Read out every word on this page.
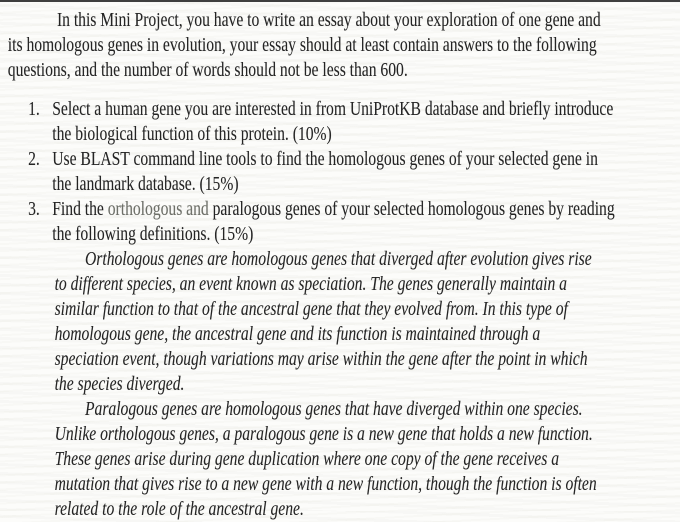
In this Mini Project, you have to write an essay about your exploration of one gene and
its homologous genes in evolution, your essay should at least contain answers to the following
questions, and the number of words should not be less than 600.
1. Select a human gene you are interested in from UniProtKB database and briefly introduce
the biological function of this protein. (10%)
2. Use BLAST command line tools to find the homologous genes of your selected gene in
the landmark database. (15%)
3. Find the orthologous and paralogous genes of your selected homologous genes by reading
the following definitions. (15%)
Orthologous genes are homologous genes that diverged after evolution gives rise
to different species, an event known as speciation. The genes generally maintain a
similar function to that of the ancestral gene that they evolved from. In this type of
homologous gene, the ancestral gene and its function is maintained through a
speciation event, though variations may arise within the gene after the point in which
the species diverged.
Paralogous genes are homologous genes that have diverged within one species.
Unlike orthologous genes, a paralogous gene is a new gene that holds a new function.
These genes arise during gene duplication where one copy of the gene receives a
mutation that gives rise to a new gene with a new function, though the function is often
related to the role of the ancestral gene.
